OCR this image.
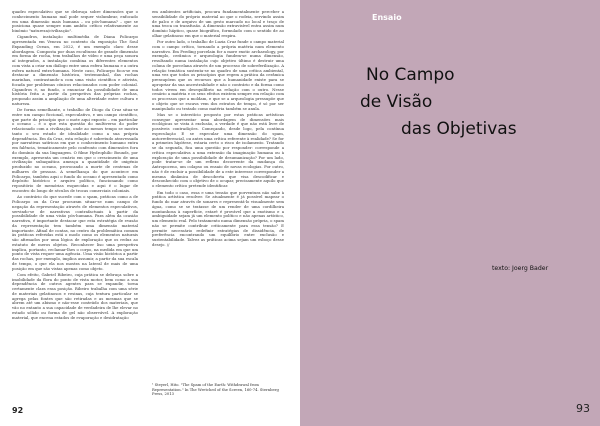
quadro especulativo que se debruça sobre dimensões que o conhecimento humano mal pode sequer vislumbrar, enfocado em uma dimensão mais humana – ou pós-humana? – que se posiciona quase sempre num ambíto crítico relativamente ao binómio "natureza/civilização".

Cigandros, instalação multimédia de Diana Policarpo apresentada em Veneza no contexto da exposição The Soul Expanding Ocean, em 2022, é um exemplo claro desse abordagem. Composta por duas esculturas de grande dimensão em forma de rocha, tem trabalhos de vídeo e uma peça sonora aí integrados, a instalação combina os diferentes elementos com vista a criar um diálogo entre uma esfera humana e a outra esfera natural extra-humana. Neste caso, Policarpo foca-se em destacar a dimensão histórica, testemunhal, das rochas marinhas, contrastando-a com uma visão científica e ativista, focada por problemas cónicos relacionados com poder colonial. Cigandros é, no fundo, o enunciar da possibilidade de uma história feita a partir da perspetiva das próprias rochas, propondo assim a ampliação de uma alteridade entre cultura e natureza.

De forma semelhante, o trabalho de Diogo da Cruz situa-se entre um campo ficcional, especulativo, e um campo científico, que parte do princípio que o mote aqui exposto – em particular o oceano – é o que esta questão do multiverso do poder relacionado com a civilização, onde ao menos tempo se mostra tanto o seu estado de idealidade como a sua própria dependência. Em da Cruz, esta relação é sobretudo atravessada por narrativas satíricas em que o conhecimento humano entra em falência, tematicamente pelo confronto com dimensões fora do domínio da sua linguagem. O filme Hydrophilic Bounds, por exemplo, apresenta um cenário em que o crescimento de uma civilização subaquática ameaça a quantidade de oxigénio produzido no oceano, provocando a morte de centenas de milhares de pessoas. A semelhança do que acontece em Policarpo, também aqui o fundo do oceano é apresentado como depósito histórico e arquivo político, funcionando como repositório de memórias esquecidas e aqui é o lugar de encontro do longo de séculos de trocas comerciais coloniais.

Ao contrário do que sucede com o spam, práticas como a de Policarpo ou da Cruz procuram situar-se num campo de negação da representação através de elementos especulativos, servindo-se de narrativas contrafactuais à partir da possibilidade de uma visão pós-humana. Para além da ocasião narrativa, é importante destacar que esta estratégia de evasão da representação tem também uma dimensão material importante. Afinal de contas, no centro da problemática comum às práticas referidas está o modo como os elementos naturais são afirmados por uma lógica de exploração que os reduz ao estatuto de meros objetos. Reconhecer liso uma perspetiva implica, portanto, reclamar-lhes o corpo, na medida em que um ponto de vista requer uma agência. Uma visão histórica a partir das rochas, por exemplo, implica assumir, a partir da sua escala de tempo, o que ela nos mostra na lateral de mais de uma posição em que são vistas apenas como objeto.

Com efeito, Gabriel Ribeiro, cuja prática se debruça sobre a imobilidade da flora do ponto de vista motor, bem como a sua dependência de outros agentes para se expandir, torna certamente clara essa posição. Ribeiro trabalha com uma série de materiais gelatinosos e resinas, cuja textura particular se agrega pelas fontes que são retiradas e as mesmas que se abrem até um abismo e não-esse conteúdo dos materiais, que vão no entanto a sua capacidade de verdadeira de lhe elevar no estado sólido ou forma de gel não observável. A exploração material, que encena estados de evaporação e desidratação

em ambientes artificiais, procura fundamentalmente perceber a sensibilidade do próprio material ao que o rodeia, servindo assim de palco e de arquivo de um gesto marcado no local e traço de uma troca ou transfusão. A dimensão extravisível entra assim num domínio háptico, quase biográfico, formulado com o sentido de ao olhar gelatinoso em que o material respira.

Por outro lado, o trabalho de Luzia Cruz funde o campo material com o campo crítico, tornando a própria matéria num elemento narrativo. Em Feeding porcelain for a more exotic archaeology, por exemplo, cerâmica e arqueologia fundem-se numa dimensão, resultando numa instalação cujo objetivo último é destruir uma coluna de porcelana através de um processo de sobreferilização. A relação temática sustenta-se no quadro de uma crítica ambiental, uma vez que todos os princípios que regem a prática da cerâmica pressupõem que os recursos que a humanidade existe para se apropriar da sua ancestralidade e não o contrário e da forma como todos vivem em desequilíbrio na relação com o outro. Nesse cenário a matéria e os seus efeitos existem sempre em relação com os processos que a moldam, e que se a arqueologia pressupõe que o objeto que se escava vem dos estratos de tempo, é só por ser manipulado ou tratado como matéria também se anula.

Mas se o interstício proposto por estas práticas artísticas consegue apresentar uma abordagem de dimensões mais ecológicas se vista à exclusão, a verdade é que não está livre de possíveis contradições. Começando, desde logo, pela contínua especulação E se especular uma dimensão do spam, autorreferencial, ou antes uma crítica referente à realidade? Se for a primeira hipótese, estaria certo o risco de isolamento. Tratando se da segunda, fica uma questão por responder: corresponde a crítica especulativa a uma extensão da imaginação humana ou à exploração de uma possibilidade de desumanização? Por um lado, pode tratar-se de um reflexo decorrente da mudança do Antropoceno, um colapso ou ensaio de novas ecologias. Por outro, não é de excluir a possibilidade de a este interesse corresponder a mesma dinâmica de descoberta que visa descodificar e desconhecido com o objetivo de o ocupar, precisamente aquilo que o elemento crítico pretende identificar.

Em todo o caso, essa e uma tensão que porventura não sabe à prática artística resolver. Se atualmente é já possível mapear o fundo do mar através de sonares e representá-lo visualmente sem água, como se se tratasse de um render de uma cordilheira montanhosa à superfície, estaré é provável que a exotismo e a ambiguidade sejam já um elemento político e não apenas artístico, um elemento real. Pelo tratamento numa dimensão própria, o spam não se permite contribuir criticamente para essa tensão? E permite necessário redefinir estratégias de dissidência, de preferência encontrando um equilíbrio entre exclusão e sustentabilidade. Talvez as práticas acima sejam um esboço desse desejo. //

¹ Steyerl, Hito. "The Spam of the Earth: Withdrawal from Representation." In The Wretched of the Screen, 160-74. Sternberg Press, 2013
92
Ensaio
No Campo
de Visão
das Objetivas
texto: Joerg Bader
93
